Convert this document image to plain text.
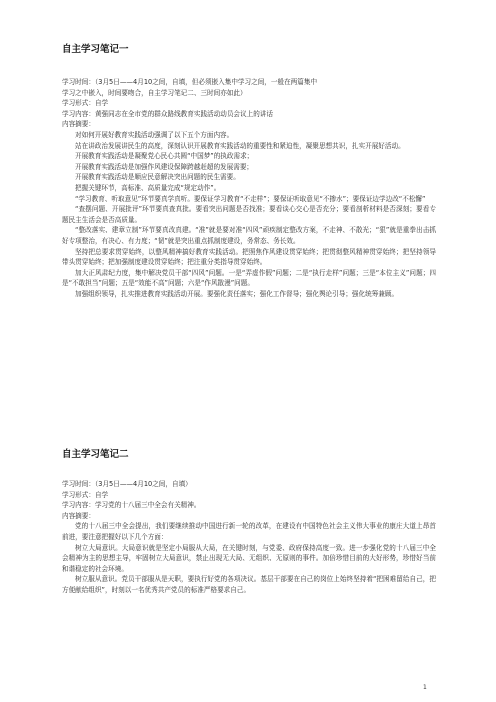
自主学习笔记一

学习时间：（3月5日——4月10之间，自填，但必须嵌入集中学习之间，一般在两篇集中

学习之中嵌入，时间要吻合，自主学习笔记二、三时间亦如此）

学习形式：自学

学习内容：黄强同志在全市党的群众路线教育实践活动动员会议上的讲话

内容摘要：

对如何开展好教育实践活动强调了以下五个方面内容。

站在讲政治发展讲民生的高度，深刻认识开展教育实践活动的重要性和紧迫性，凝聚思想共识，扎实开展好活动。

开展教育实践活动是凝聚党心民心共圆“中国梦”的执政需求；

开展教育实践活动是加强作风建设保障跨越赶超的发展需要；

开展教育实践活动是顺应民意解决突出问题的民生需要。

把握关键环节，高标准、高质量完成“规定动作”。

“学习教育、听取意见”环节要真学真听。要保证学习教育“不走样”；要保证听取意见“不掺水”；要保证边学边改“不松懈”

“查摆问题、开展批评”环节要真查真批。要看突出问题是否找准；要看谈心交心是否充分；要看剖析材料是否深刻；要看专题民主生活会是否高质量。

“整改落实、建章立制”环节要真改真建。“准”就是要对准“四风”顽疾制定整改方案，不走神、不散光；“狠”就是重拳出击抓好专项整治，有决心、有力度；“韧”就是突出重点抓制度建设，务常态、务长效。

坚持把总要求贯穿始终，以整风精神搞好教育实践活动。把照焦作风建设贯穿始终；把贯彻整风精神贯穿始终；把坚持领导带头贯穿始终；把加强制度建设贯穿始终；把注重分类指导贯穿始终。

加大正风肃纪力度，集中解决党员干部“四风”问题。一是“弄虚作假”问题；二是“执行走样”问题；三是“本位主义”问题；四是“不敢担当”问题；五是“效能不高”问题；六是“作风散漫”问题。

加强组织领导，扎实推进教育实践活动开展。要强化责任落实；强化工作督导；强化舆论引导；强化统筹兼顾。

自主学习笔记二

学习时间：（3月5日——4月10之间，自填）

学习形式：自学

学习内容：学习党的十八届三中全会有关精神。

内容摘要：

党的十八届三中全会提出，我们要继续推动中国进行新一轮的改革，在建设有中国特色社会主义伟大事业的康庄大道上昂首前进，要注意把握好以下几个方面：

树立大局意识。大局意识就是坚定小局服从大局，在关键时刻，与党委、政府保持高度一致。进一步强化党的十八届三中全会精神为主的思想主导，牢固树立大局意识，禁止出现无大局、无组织、无原则的事件。加倍珍惜目前的大好形势，珍惜好当前和谐稳定的社会环境。

树立服从意识。党员干部服从是天职，要执行好党的各项决议。基层干部要在自己的岗位上始终坚持着“把困难留给自己，把方便献给组织”，时刻以一名优秀共产党员的标准严格要求自己。

1
